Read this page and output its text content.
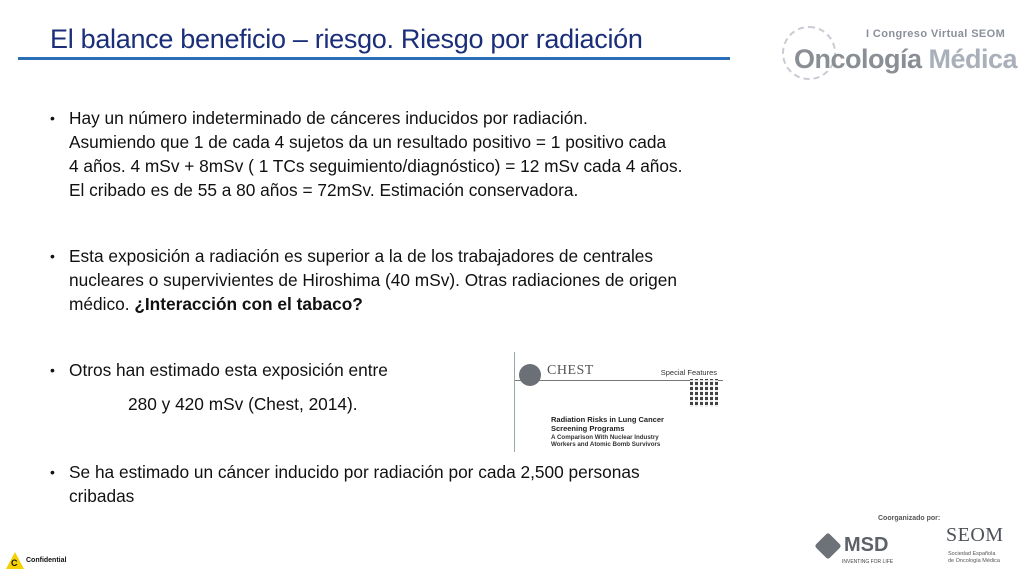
El balance beneficio – riesgo. Riesgo por radiación	I Congreso Virtual SEOM
Oncología Médica
• Hay un número indeterminado de cánceres inducidos por radiación.
Asumiendo que 1 de cada 4 sujetos da un resultado positivo = 1 positivo cada
4 años. 4 mSv + 8mSv ( 1 TCs seguimiento/diagnóstico) = 12 mSv cada 4 años.
El cribado es de 55 a 80 años = 72mSv. Estimación conservadora.
• Esta exposición a radiación es superior a la de los trabajadores de centrales
nucleares o supervivientes de Hiroshima (40 mSv). Otras radiaciones de origen
médico. ¿Interacción con el tabaco?
• Otros han estimado esta exposición entre
280 y 420 mSv (Chest, 2014).
• Se ha estimado un cáncer inducido por radiación por cada 2,500 personas
cribadas
CHEST	Special Features
Radiation Risks in Lung Cancer
Screening Programs
A Comparison With Nuclear Industry
Workers and Atomic Bomb Survivors
Coorganizado por:
MSD
INVENTING FOR LIFE
SEOM
Sociedad Española
de Oncología Médica
C Confidential
